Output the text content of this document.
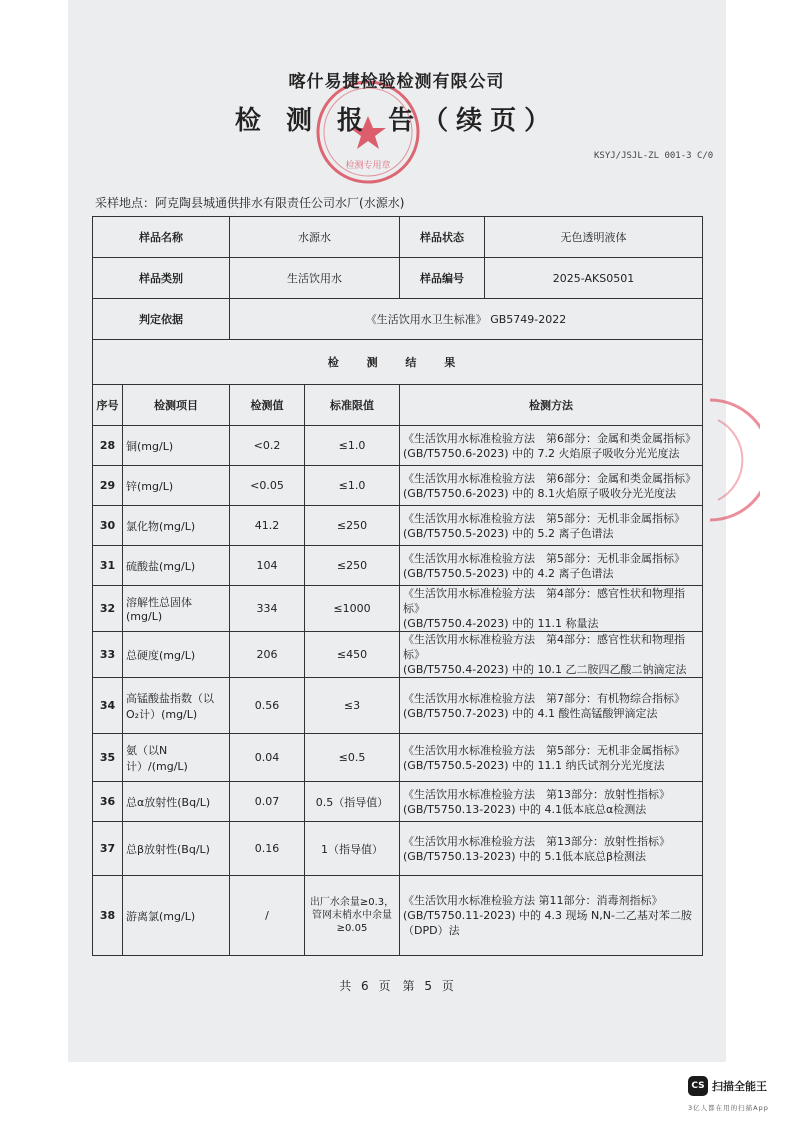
检测专用章
喀什易捷检验检测有限公司
检 测 报 告（续页）
KSYJ/JSJL-ZL 001-3 C/0
采样地点：阿克陶县城通供排水有限责任公司水厂(水源水)
样品名称		水源水		样品状态 无色透明液体

样品类别		生活饮用水		样品编号 2025-AKS0501

判定依据		《生活饮用水卫生标准》 GB5749-2022		
检 测 结 果				
序号	检测项目	检测值	标准限值	检测方法
28	铜(mg/L)	<0.2	≤1.0	《生活饮用水标准检验方法　第6部分：金属和类金属指标》
(GB/T5750.6-2023) 中的 7.2 火焰原子吸收分光光度法

29	锌(mg/L)	<0.05	≤1.0	《生活饮用水标准检验方法　第6部分：金属和类金属指标》
(GB/T5750.6-2023) 中的 8.1火焰原子吸收分光光度法

30	氯化物(mg/L)	41.2	≤250	《生活饮用水标准检验方法　第5部分：无机非金属指标》
(GB/T5750.5-2023) 中的 5.2 离子色谱法

31	硫酸盐(mg/L)	104	≤250	《生活饮用水标准检验方法　第5部分：无机非金属指标》
(GB/T5750.5-2023) 中的 4.2 离子色谱法

32	溶解性总固体(mg/L)	334	≤1000	《生活饮用水标准检验方法　第4部分：感官性状和物理指标》
(GB/T5750.4-2023) 中的 11.1 称量法

33	总硬度(mg/L)	206	≤450	《生活饮用水标准检验方法　第4部分：感官性状和物理指标》
(GB/T5750.4-2023) 中的 10.1 乙二胺四乙酸二钠滴定法

34	高锰酸盐指数（以O₂计）(mg/L)	0.56	≤3	《生活饮用水标准检验方法　第7部分：有机物综合指标》
(GB/T5750.7-2023) 中的 4.1 酸性高锰酸钾滴定法

35	氨（以N计）/(mg/L)	0.04	≤0.5	《生活饮用水标准检验方法　第5部分：无机非金属指标》
(GB/T5750.5-2023) 中的 11.1 纳氏试剂分光光度法

36	总α放射性(Bq/L)	0.07	0.5（指导值）	《生活饮用水标准检验方法　第13部分：放射性指标》
(GB/T5750.13-2023) 中的 4.1低本底总α检测法

37	总β放射性(Bq/L)	0.16	1（指导值）	《生活饮用水标准检验方法　第13部分：放射性指标》
(GB/T5750.13-2023) 中的 5.1低本底总β检测法

38	游离氯(mg/L)	/	出厂水余量≥0.3，管网末梢水中余量≥0.05	《生活饮用水标准检验方法 第11部分：消毒剂指标》
(GB/T5750.11-2023) 中的 4.3 现场 N,N-二乙基对苯二胺（DPD）法
共 6 页　第 5 页
CS 扫描全能王
3亿人都在用的扫描App
